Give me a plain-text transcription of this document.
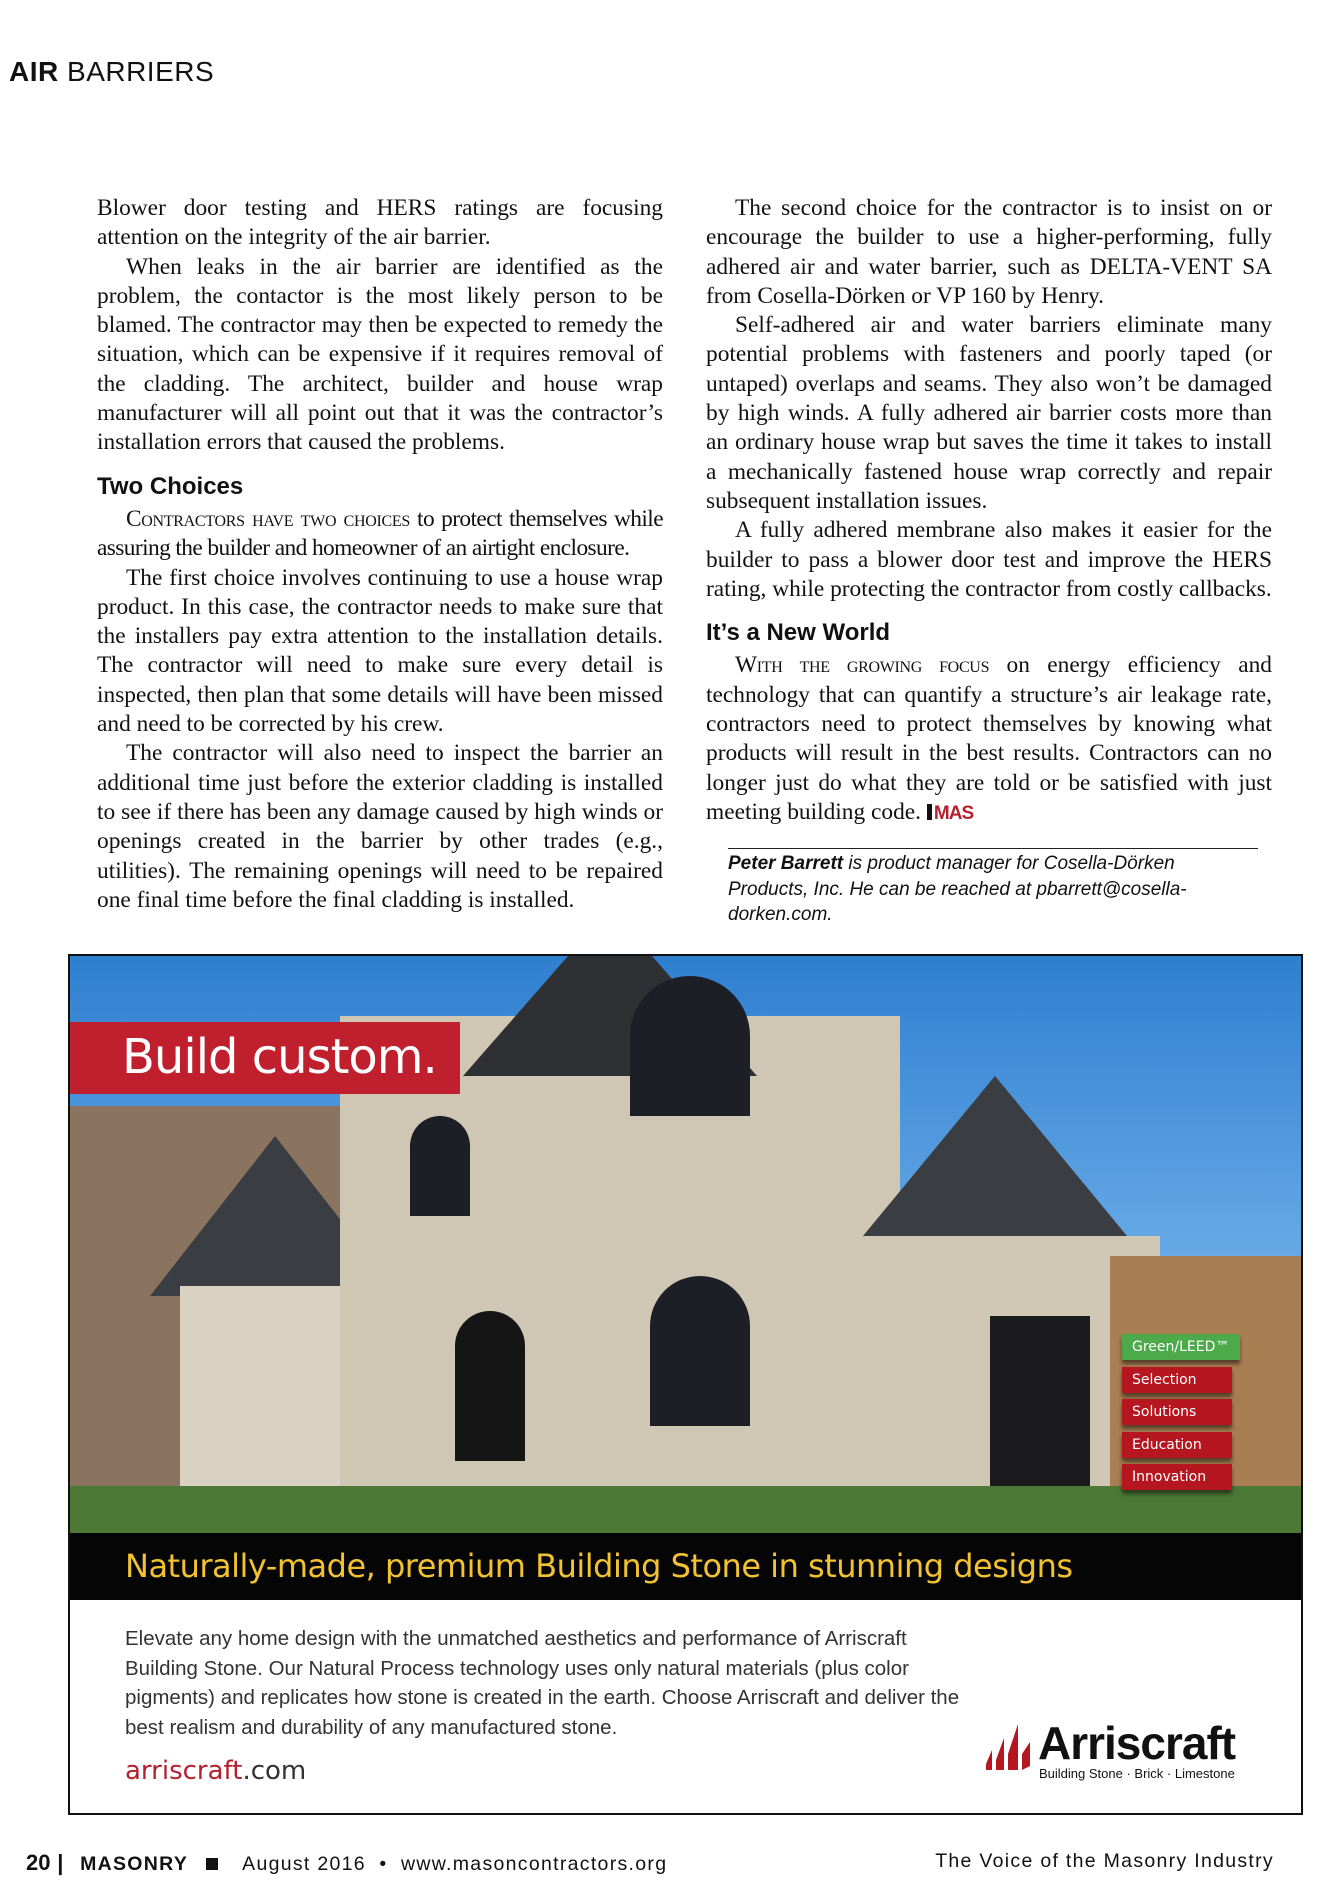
AIR BARRIERS

Blower door testing and HERS ratings are focusing attention on the integrity of the air barrier.

When leaks in the air barrier are identified as the problem, the contactor is the most likely person to be blamed. The contractor may then be expected to remedy the situation, which can be expensive if it requires removal of the cladding. The architect, builder and house wrap manufacturer will all point out that it was the contractor’s installation errors that caused the problems.

Two Choices

Contractors have two choices to protect themselves while assuring the builder and homeowner of an airtight enclosure.

The first choice involves continuing to use a house wrap product. In this case, the contractor needs to make sure that the installers pay extra attention to the installation details. The contractor will need to make sure every detail is inspected, then plan that some details will have been missed and need to be corrected by his crew.

The contractor will also need to inspect the barrier an additional time just before the exterior cladding is installed to see if there has been any damage caused by high winds or openings created in the barrier by other trades (e.g., utilities). The remaining openings will need to be repaired one final time before the final cladding is installed.

The second choice for the contractor is to insist on or encourage the builder to use a higher-performing, fully adhered air and water barrier, such as DELTA-VENT SA from Cosella-Dörken or VP 160 by Henry.

Self-adhered air and water barriers eliminate many potential problems with fasteners and poorly taped (or untaped) overlaps and seams. They also won’t be damaged by high winds. A fully adhered air barrier costs more than an ordinary house wrap but saves the time it takes to install a mechanically fastened house wrap correctly and repair subsequent installation issues.

A fully adhered membrane also makes it easier for the builder to pass a blower door test and improve the HERS rating, while protecting the contractor from costly callbacks.

It’s a New World

With the growing focus on energy efficiency and technology that can quantify a structure’s air leakage rate, contractors need to protect themselves by knowing what products will result in the best results. Contractors can no longer just do what they are told or be satisfied with just meeting building code. MAS

Peter Barrett is product manager for Cosella-Dörken Products, Inc. He can be reached at pbarrett@cosella-dorken.com.
Build custom.
Green/LEED™
Selection
Solutions
Education
Innovation
Naturally-made, premium Building Stone in stunning designs
Elevate any home design with the unmatched aesthetics and performance of Arriscraft Building Stone. Our Natural Process technology uses only natural materials (plus color pigments) and replicates how stone is created in the earth. Choose Arriscraft and deliver the best realism and durability of any manufactured stone.
arriscraft.com
Arriscraft
Building Stone · Brick · Limestone
20 | MASONRY	August 2016 • www.masoncontractors.org	The Voice of the Masonry Industry
